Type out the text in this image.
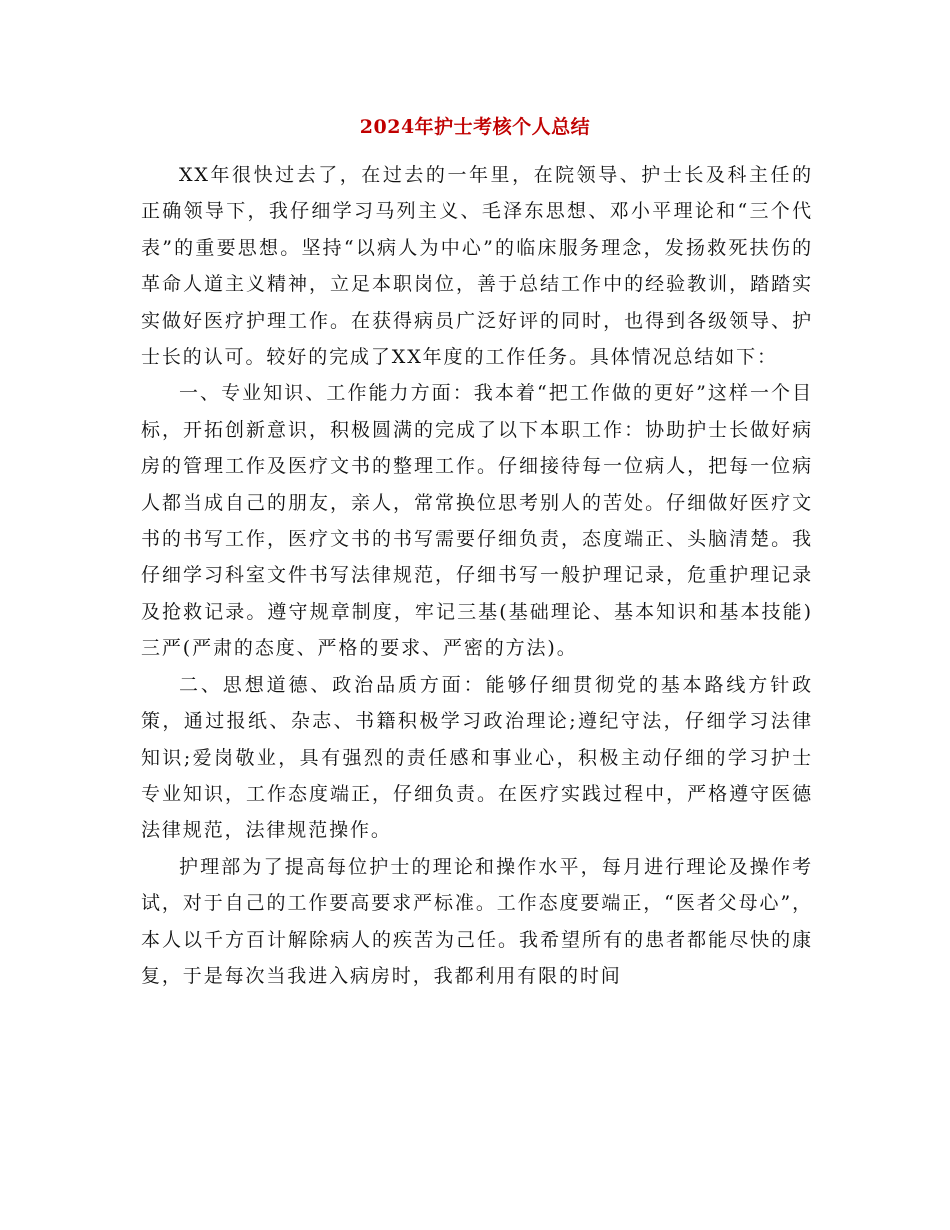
2024年护士考核个人总结

XX年很快过去了，在过去的一年里，在院领导、护士长及科主任的正确领导下，我仔细学习马列主义、毛泽东思想、邓小平理论和“三个代表”的重要思想。坚持“以病人为中心”的临床服务理念，发扬救死扶伤的革命人道主义精神，立足本职岗位，善于总结工作中的经验教训，踏踏实实做好医疗护理工作。在获得病员广泛好评的同时，也得到各级领导、护士长的认可。较好的完成了XX年度的工作任务。具体情况总结如下：

一、专业知识、工作能力方面：我本着“把工作做的更好”这样一个目标，开拓创新意识，积极圆满的完成了以下本职工作：协助护士长做好病房的管理工作及医疗文书的整理工作。仔细接待每一位病人，把每一位病人都当成自己的朋友，亲人，常常换位思考别人的苦处。仔细做好医疗文书的书写工作，医疗文书的书写需要仔细负责，态度端正、头脑清楚。我仔细学习科室文件书写法律规范，仔细书写一般护理记录，危重护理记录及抢救记录。遵守规章制度，牢记三基(基础理论、基本知识和基本技能)三严(严肃的态度、严格的要求、严密的方法)。

二、思想道德、政治品质方面：能够仔细贯彻党的基本路线方针政策，通过报纸、杂志、书籍积极学习政治理论;遵纪守法，仔细学习法律知识;爱岗敬业，具有强烈的责任感和事业心，积极主动仔细的学习护士专业知识，工作态度端正，仔细负责。在医疗实践过程中，严格遵守医德法律规范，法律规范操作。

护理部为了提高每位护士的理论和操作水平，每月进行理论及操作考试，对于自己的工作要高要求严标准。工作态度要端正，“医者父母心”，本人以千方百计解除病人的疾苦为己任。我希望所有的患者都能尽快的康复，于是每次当我进入病房时，我都利用有限的时间
